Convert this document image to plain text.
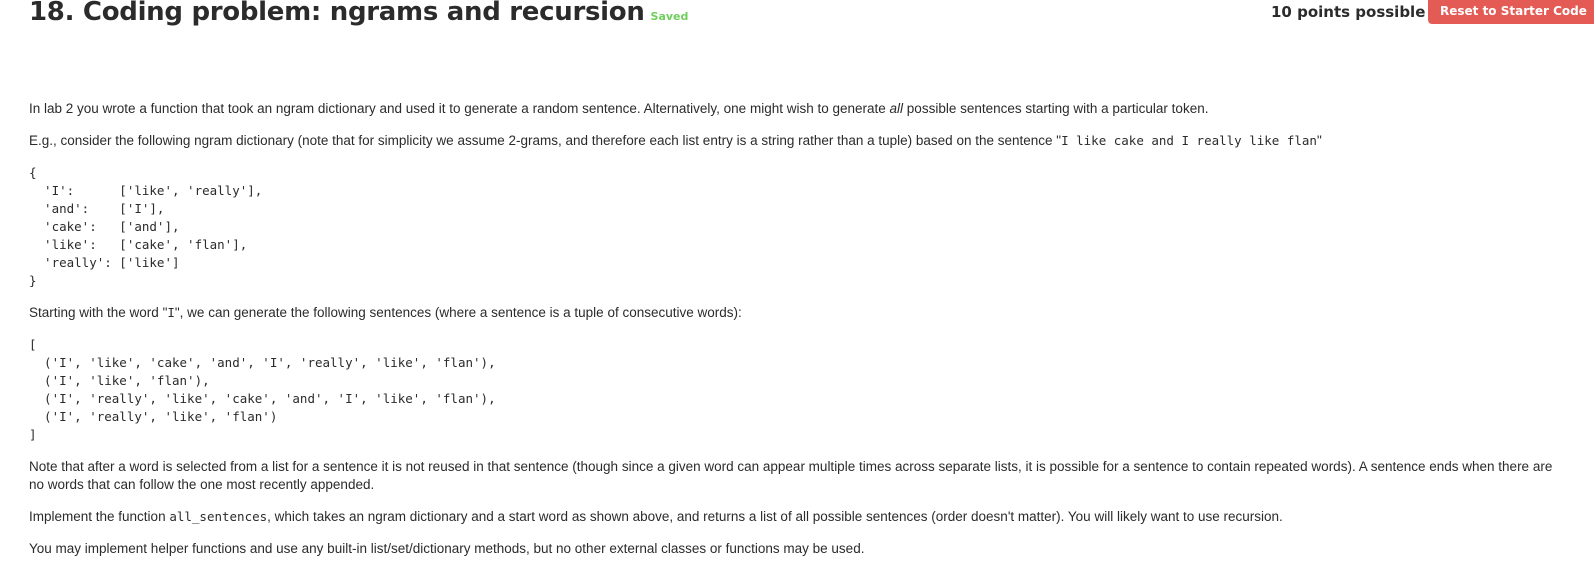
18. Coding problem: ngrams and recursion Saved	10 points possible	Reset to Starter Code

In lab 2 you wrote a function that took an ngram dictionary and used it to generate a random sentence. Alternatively, one might wish to generate all possible sentences starting with a particular token.

E.g., consider the following ngram dictionary (note that for simplicity we assume 2-grams, and therefore each list entry is a string rather than a tuple) based on the sentence "I like cake and I really like flan"

{
'I':      ['like', 'really'],
'and':    ['I'],
'cake':   ['and'],
'like':   ['cake', 'flan'],
'really': ['like']
}

Starting with the word "I", we can generate the following sentences (where a sentence is a tuple of consecutive words):

[
('I', 'like', 'cake', 'and', 'I', 'really', 'like', 'flan'),
('I', 'like', 'flan'),
('I', 'really', 'like', 'cake', 'and', 'I', 'like', 'flan'),
('I', 'really', 'like', 'flan')
]

Note that after a word is selected from a list for a sentence it is not reused in that sentence (though since a given word can appear multiple times across separate lists, it is possible for a sentence to contain repeated words). A sentence ends when there are no words that can follow the one most recently appended.

Implement the function all_sentences, which takes an ngram dictionary and a start word as shown above, and returns a list of all possible sentences (order doesn't matter). You will likely want to use recursion.

You may implement helper functions and use any built-in list/set/dictionary methods, but no other external classes or functions may be used.
